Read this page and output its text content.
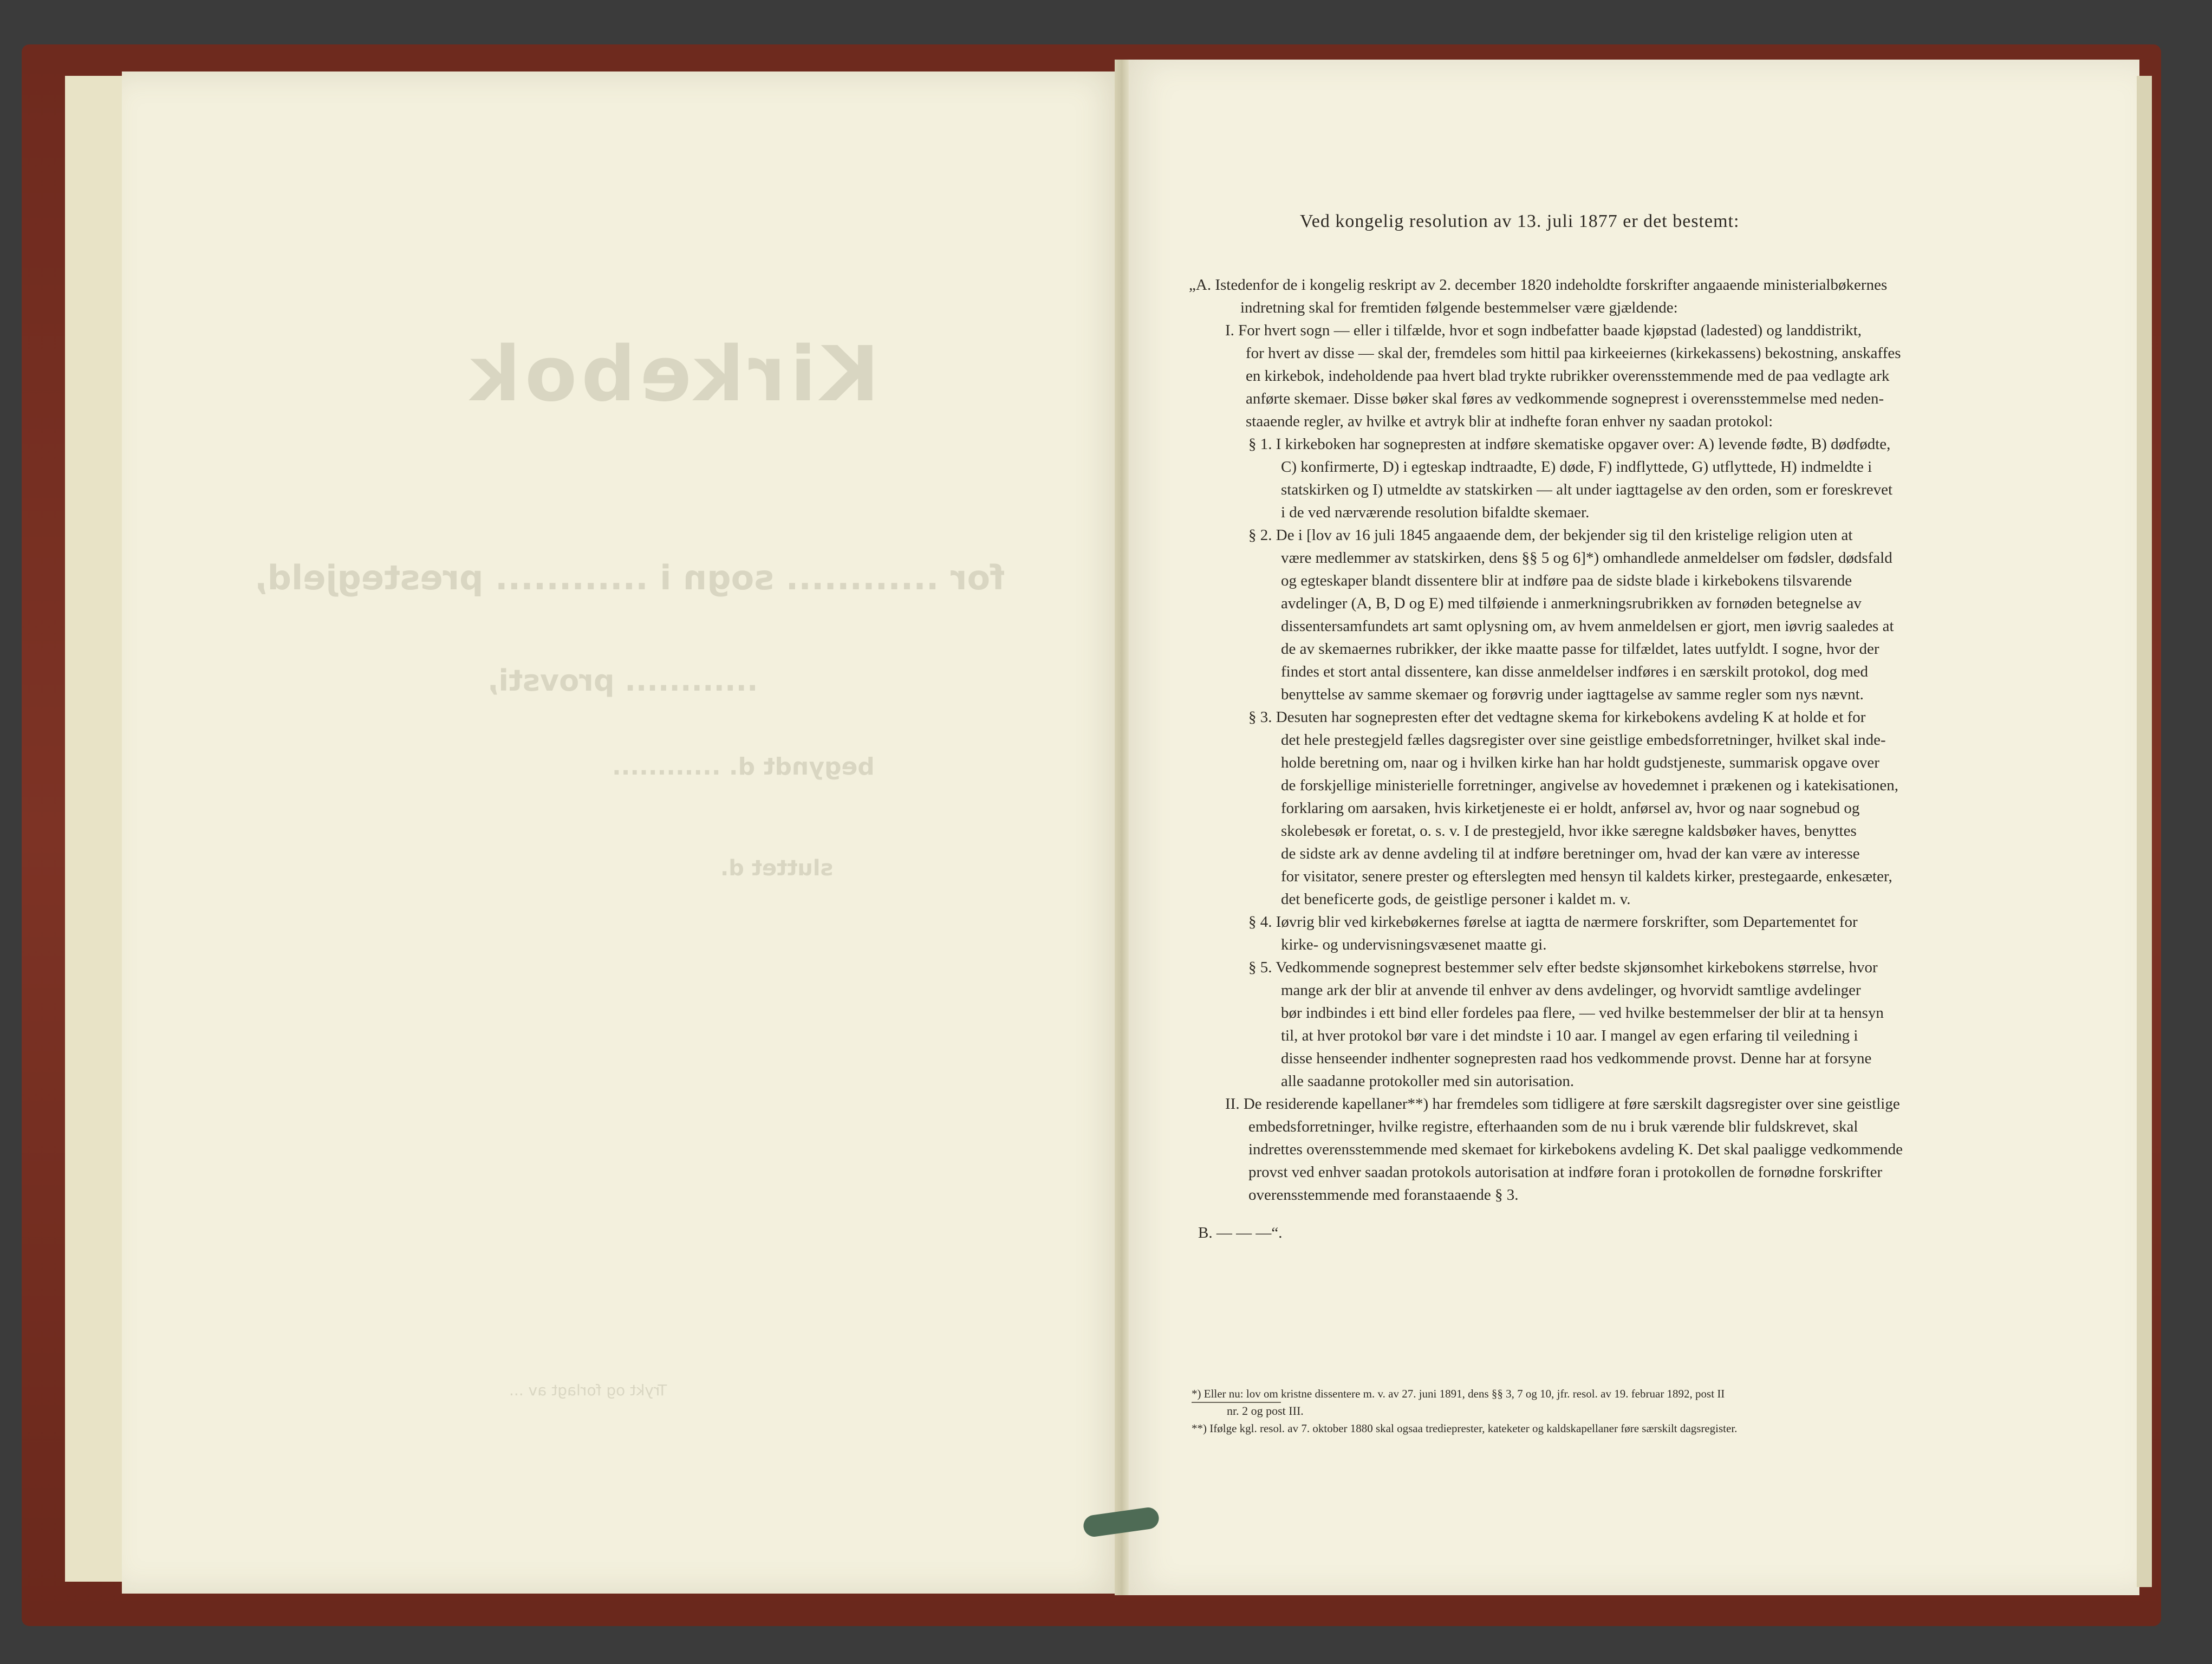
Kirkebok
for ............ sogn i ............ prestegjeld,
............ provsti,
begyndt d. ............
sluttet d.
Trykt og forlagt av ...
Ved kongelig resolution av 13. juli 1877 er det bestemt:
„A. Istedenfor de i kongelig reskript av 2. december 1820 indeholdte forskrifter angaaende ministerialbøkernes
indretning skal for fremtiden følgende bestemmelser være gjældende:
I. For hvert sogn — eller i tilfælde, hvor et sogn indbefatter baade kjøpstad (ladested) og landdistrikt,
for hvert av disse — skal der, fremdeles som hittil paa kirkeeiernes (kirkekassens) bekostning, anskaffes
en kirkebok, indeholdende paa hvert blad trykte rubrikker overensstemmende med de paa vedlagte ark
anførte skemaer. Disse bøker skal føres av vedkommende sogneprest i overensstemmelse med neden-
staaende regler, av hvilke et avtryk blir at indhefte foran enhver ny saadan protokol:
§ 1. I kirkeboken har sognepresten at indføre skematiske opgaver over: A) levende fødte, B) dødfødte,
C) konfirmerte, D) i egteskap indtraadte, E) døde, F) indflyttede, G) utflyttede, H) indmeldte i
statskirken og I) utmeldte av statskirken — alt under iagttagelse av den orden, som er foreskrevet
i de ved nærværende resolution bifaldte skemaer.
§ 2. De i [lov av 16 juli 1845 angaaende dem, der bekjender sig til den kristelige religion uten at
være medlemmer av statskirken, dens §§ 5 og 6]*) omhandlede anmeldelser om fødsler, dødsfald
og egteskaper blandt dissentere blir at indføre paa de sidste blade i kirkebokens tilsvarende
avdelinger (A, B, D og E) med tilføiende i anmerkningsrubrikken av fornøden betegnelse av
dissentersamfundets art samt oplysning om, av hvem anmeldelsen er gjort, men iøvrig saaledes at
de av skemaernes rubrikker, der ikke maatte passe for tilfældet, lates uutfyldt. I sogne, hvor der
findes et stort antal dissentere, kan disse anmeldelser indføres i en særskilt protokol, dog med
benyttelse av samme skemaer og forøvrig under iagttagelse av samme regler som nys nævnt.
§ 3. Desuten har sognepresten efter det vedtagne skema for kirkebokens avdeling K at holde et for
det hele prestegjeld fælles dagsregister over sine geistlige embedsforretninger, hvilket skal inde-
holde beretning om, naar og i hvilken kirke han har holdt gudstjeneste, summarisk opgave over
de forskjellige ministerielle forretninger, angivelse av hovedemnet i prækenen og i katekisationen,
forklaring om aarsaken, hvis kirketjeneste ei er holdt, anførsel av, hvor og naar sognebud og
skolebesøk er foretat, o. s. v. I de prestegjeld, hvor ikke særegne kaldsbøker haves, benyttes
de sidste ark av denne avdeling til at indføre beretninger om, hvad der kan være av interesse
for visitator, senere prester og efterslegten med hensyn til kaldets kirker, prestegaarde, enkesæter,
det beneficerte gods, de geistlige personer i kaldet m. v.
§ 4. Iøvrig blir ved kirkebøkernes førelse at iagtta de nærmere forskrifter, som Departementet for
kirke- og undervisningsvæsenet maatte gi.
§ 5. Vedkommende sogneprest bestemmer selv efter bedste skjønsomhet kirkebokens størrelse, hvor
mange ark der blir at anvende til enhver av dens avdelinger, og hvorvidt samtlige avdelinger
bør indbindes i ett bind eller fordeles paa flere, — ved hvilke bestemmelser der blir at ta hensyn
til, at hver protokol bør vare i det mindste i 10 aar. I mangel av egen erfaring til veiledning i
disse henseender indhenter sognepresten raad hos vedkommende provst. Denne har at forsyne
alle saadanne protokoller med sin autorisation.
II. De residerende kapellaner**) har fremdeles som tidligere at føre særskilt dagsregister over sine geistlige
embedsforretninger, hvilke registre, efterhaanden som de nu i bruk værende blir fuldskrevet, skal
indrettes overensstemmende med skemaet for kirkebokens avdeling K. Det skal paaligge vedkommende
provst ved enhver saadan protokols autorisation at indføre foran i protokollen de fornødne forskrifter
overensstemmende med foranstaaende § 3.
B. — — —“.
*) Eller nu: lov om kristne dissentere m. v. av 27. juni 1891, dens §§ 3, 7 og 10, jfr. resol. av 19. februar 1892, post II
nr. 2 og post III.
**) Ifølge kgl. resol. av 7. oktober 1880 skal ogsaa tredieprester, kateketer og kaldskapellaner føre særskilt dagsregister.
